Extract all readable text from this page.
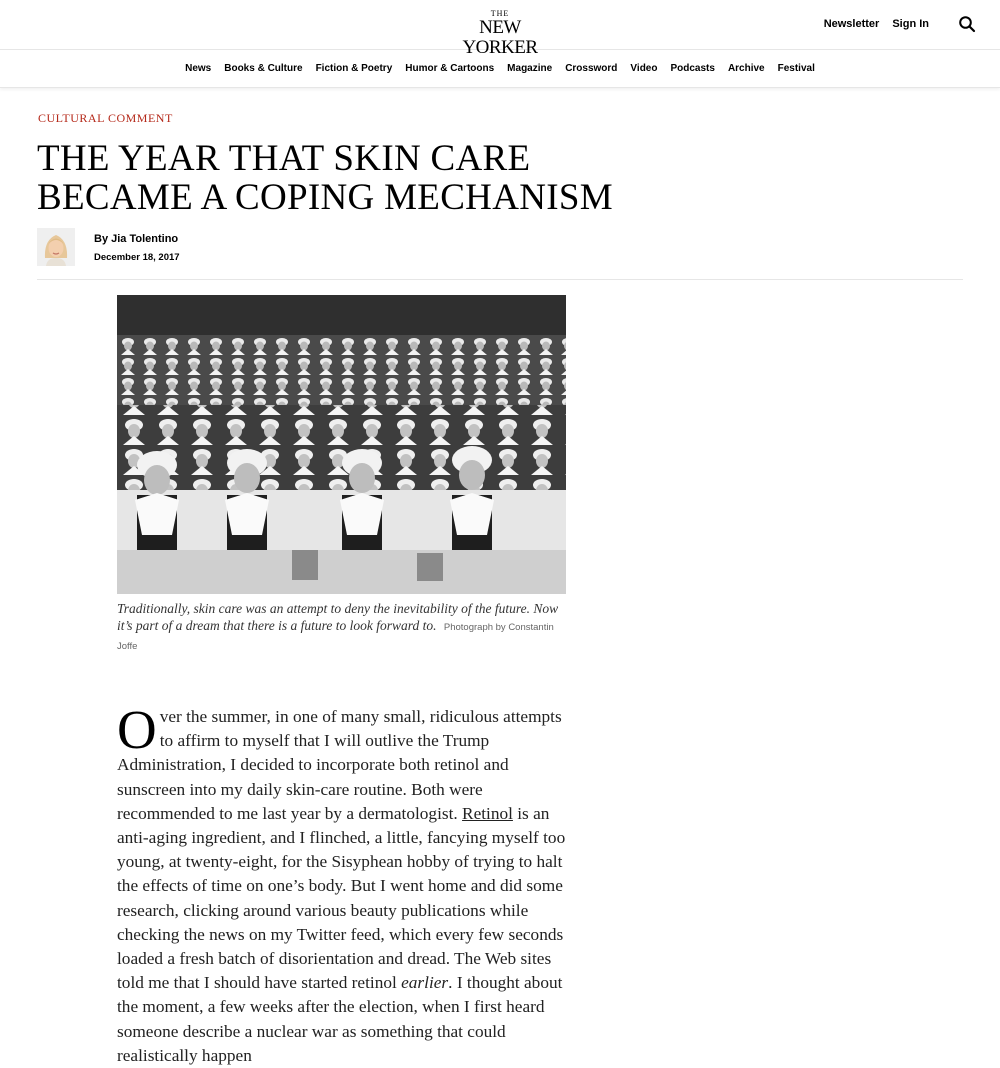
THE
NEW YORKER
Newsletter Sign In
News Books & Culture Fiction & Poetry Humor & Cartoons Magazine Crossword Video Podcasts Archive Festival
CULTURAL COMMENT
THE YEAR THAT SKIN CARE BECAME A COPING MECHANISM
By Jia Tolentino
December 18, 2017
Traditionally, skin care was an attempt to deny the inevitability of the future. Now it’s part of a dream that there is a future to look forward to. Photograph by Constantin Joffe
Over the summer, in one of many small, ridiculous attempts to affirm to myself that I will outlive the Trump Administration, I decided to incorporate both retinol and sunscreen into my daily skin-care routine. Both were recommended to me last year by a dermatologist. Retinol is an anti-aging ingredient, and I flinched, a little, fancying myself too young, at twenty-eight, for the Sisyphean hobby of trying to halt the effects of time on one’s body. But I went home and did some research, clicking around various beauty publications while checking the news on my Twitter feed, which every few seconds loaded a fresh batch of disorientation and dread. The Web sites told me that I should have started retinol earlier. I thought about the moment, a few weeks after the election, when I first heard someone describe a nuclear war as something that could realistically happen
